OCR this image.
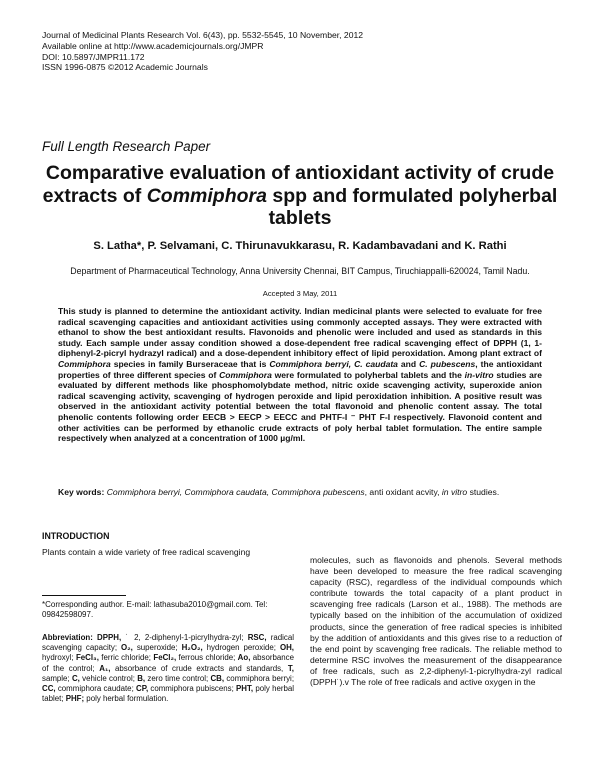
Journal of Medicinal Plants Research Vol. 6(43), pp. 5532-5545, 10 November, 2012
Available online at http://www.academicjournals.org/JMPR
DOI: 10.5897/JMPR11.172
ISSN 1996-0875 ©2012 Academic Journals
Full Length Research Paper
Comparative evaluation of antioxidant activity of crude extracts of Commiphora spp and formulated polyherbal tablets
S. Latha*, P. Selvamani, C. Thirunavukkarasu, R. Kadambavadani and K. Rathi
Department of Pharmaceutical Technology, Anna University Chennai, BIT Campus, Tiruchiappalli-620024, Tamil Nadu.
Accepted 3 May, 2011
This study is planned to determine the antioxidant activity. Indian medicinal plants were selected to evaluate for free radical scavenging capacities and antioxidant activities using commonly accepted assays. They were extracted with ethanol to show the best antioxidant results. Flavonoids and phenolic were included and used as standards in this study. Each sample under assay condition showed a dose-dependent free radical scavenging effect of DPPH (1, 1-diphenyl-2-picryl hydrazyl radical) and a dose-dependent inhibitory effect of lipid peroxidation. Among plant extract of Commiphora species in family Burseraceae that is Commiphora berryi, C. caudata and C. pubescens, the antioxidant properties of three different species of Commiphora were formulated to polyherbal tablets and the in-vitro studies are evaluated by different methods like phosphomolybdate method, nitric oxide scavenging activity, superoxide anion radical scavenging activity, scavenging of hydrogen peroxide and lipid peroxidation inhibition. A positive result was observed in the antioxidant activity potential between the total flavonoid and phenolic content assay. The total phenolic contents following order EECB > EECP > EECC and PHTF-I ⁻ PHT F-I respectively. Flavonoid content and other activities can be performed by ethanolic crude extracts of poly herbal tablet formulation. The entire sample respectively when analyzed at a concentration of 1000 µg/ml.
Key words: Commiphora berryi, Commiphora caudata, Commiphora pubescens, anti oxidant acvity, in vitro studies.
INTRODUCTION
Plants contain a wide variety of free radical scavenging
molecules, such as flavonoids and phenols. Several methods have been developed to measure the free radical scavenging capacity (RSC), regardless of the individual compounds which contribute towards the total capacity of a plant product in scavenging free radicals (Larson et al., 1988). The methods are typically based on the inhibition of the accumulation of oxidized products, since the generation of free radical species is inhibited by the addition of antioxidants and this gives rise to a reduction of the end point by scavenging free radicals. The reliable method to determine RSC involves the measurement of the disappearance of free radicals, such as 2,2-diphenyl-1-picrylhydra-zyl radical (DPPH˙).v The role of free radicals and active oxygen in the
*Corresponding author. E-mail: lathasuba2010@gmail.com. Tel: 09842598097.
Abbreviation: DPPH, ˙ 2, 2-diphenyl-1-picrylhydra-zyl; RSC, radical scavenging capacity; O₂, superoxide; H₂O₂, hydrogen peroxide; OH, hydroxyl; FeCl₃, ferric chloride; FeCl₂, ferrous chloride; Ao, absorbance of the control; A₁, absorbance of crude extracts and standards, T, sample; C, vehicle control; B, zero time control; CB, commiphora berryi; CC, commiphora caudate; CP, commiphora pubiscens; PHT, poly herbal tablet; PHF; poly herbal formulation.
